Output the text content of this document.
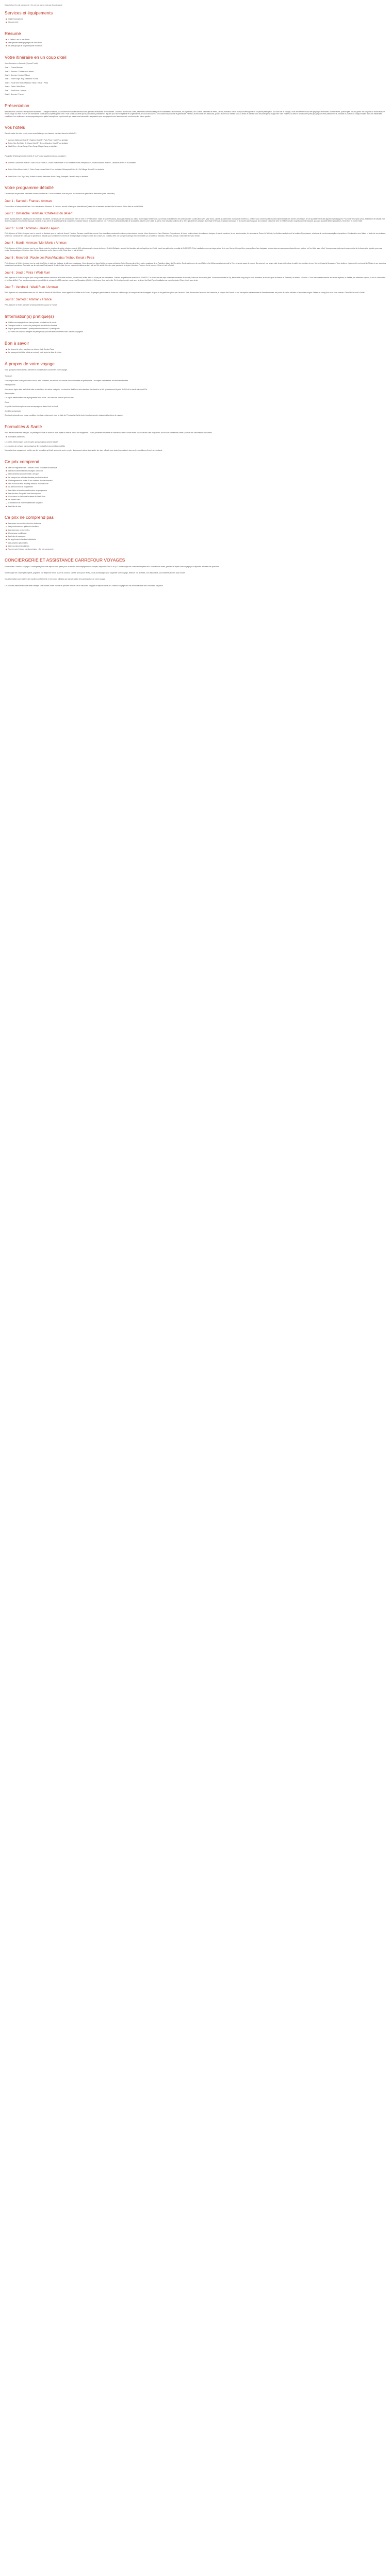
Description Ce prix comprend ; Ce prix ne comprend pas Conciergerie
Services et équipements
Guide francophone
Groupe privé
Résumé
« Flaites » sur la mer Morte
Les spectaculaires paysages de Wadi Rum
Le petit groupe de 10 participants maximum
Votre itinéraire en un coup d'œil

Votre itinéraire en Jordanie (8 jours/7 nuits)

Jour 1 : France/Amman

Jour 2 : Amman / Châteaux du désert

Jour 3 : Amman / Jerash / Ajloun

Jour 4 : route King's Way / Madaba / Kerak

Jour 5 : Route des Rois / Madaba / Nebo / Kerak / Petra

Jour 6 : Petra / Wadi Rum

Jour 7 : Wadi Rum / Amman

Jour 8 : Amman / France

Présentation

Bienvenue en Jordanie, le Royaume hachémite ! Chargée d'Histoire, la Jordanie est l'un des berceaux des grandes civilisations de l'humanité. Carrefour du Proche-Orient, ses terres furent foulées par les Nabatéens, les Romains, les Byzantins, les Croisés. Les sites de Petra, Jerash, Madaba, Kerak ou Ajloun témoignent de ce passé prestigieux. Au cours de ce voyage, vous découvrirez aussi des paysages étonnants : la mer Morte, point le plus bas du globe, les canyons du Wadi Mujib, le désert rouge du Wadi Rum et ses formations rocheuses sculptées par le vent. Vous serez accueillis par la population jordanienne, réputée pour son hospitalité et sa gentillesse, et vous découvrirez une cuisine savoureuse et généreuse. Partez à la rencontre des Bédouins, goûtez au thé à la menthe sous la tente, et laissez-vous envoûter par la magie des nuits étoilées du désert. Un circuit en petit groupe pour vivre pleinement la Jordanie et profiter de chaque instant dans les meilleures conditions. Les visites sont accompagnées par un guide francophone expérimenté qui saura vous transmettre sa passion pour son pays et vous faire découvrir ses trésors les mieux gardés.

Vos hôtels

Dans le cadre de votre circuit, vous serez hébergés en chambre standard dans les hôtels 3* :

Amman: Bellevue Hotel 3*, Hashimi Hotel 3*, Paris Pearl Hotel 3* ou similaire
Petra: Sun Set Hotel 3*, Oscar Hotel 3*, Seven Wonders Hotel 3* ou similaire
Wadi Rum : Arena Camp, Rum Camp, Magic Camp ou similaire

Possibilité d'hébergement en hôtels 4* ou 5* avec supplément (nous consulter) :

Amman: Landmark Hotel 4*, Sulaf Luxury Hotel 4*, Grand Palace Hotel 4* ou similaire / Hotel Kempinski 5*, Rotana Amman Hotel 5*, Landmark Hotel 5* ou similaire
Petra: Petra Moon Hotel 4*, Petra Guest House Hotel 4* ou similaire / Mövenpick Petra 5*, Old Village Resort 5* ou similaire
Wadi Rum: Sun City Camp, Bubble Luxotel, Memories Aicha Camp, Rahayeb Desert Camp ou similaire
Votre programme détaillé

Ce descriptif ne peut être considéré comme contractuel. Circuit réalisable tous les jours de l'année hors période de Ramadan (nous consulter).

Jour 1 : Samedi : France / Amman

Convocation à l'aéroport de Paris. Vol à destination d'Amman. À l'arrivée, accueil à l'aéroport international Queen Alia et transfert à votre hôtel à Amman. Dîner libre et nuit à l'hôtel.

Jour 2 : Dimanche : Amman / Châteaux du désert

Après le petit-déjeuner, départ pour les châteaux du désert, construits par les Omeyyades entre le VIIe et le VIIIe siècle. Visite de Qasr Kharana, imposant château au milieu d'une steppe désertique, qui servait probablement de caravansérail. Continuation vers Qasr Amra, classé au patrimoine mondial de l'UNESCO, célèbre pour ses fresques murales représentant des scènes de chasse, de vie quotidienne et des figures mythologiques. Poursuite vers Qasr Azraq, forteresse de basalte noir dont les origines remontent à l'époque romaine, et qui servit de quartier général à Lawrence d'Arabie lors de la révolte arabe de 1917. Retour à Amman et visite de la citadelle, située sur le Jebel al-Qal'a, l'une des sept collines de la ville, qui abrite les vestiges du temple d'Hercule, le palais omeyyade et le musée archéologique de Jordanie. Descente vers le théâtre romain, magnifiquement restauré, pouvant accueillir 6000 spectateurs. Dîner libre et nuit à l'hôtel.

Jour 3 : Lundi : Amman / Jerash / Ajloun

Petit-déjeuner à l'hôtel et départ vers le nord de la Jordanie pour la visite de Jerash, l'antique Gerasa, considérée comme l'une des villes romaines les mieux préservées au monde. Vous découvrirez l'arc d'Hadrien, l'hippodrome, le forum ovale entouré de colonnes ioniques, le cardo maximus, la rue à colonnades, les temples de Zeus et d'Artémis, les théâtres sud et nord, la fontaine Nymphaeum, ainsi que de nombreuses églises byzantines. Continuation vers Ajloun et visite de son château, forteresse construite en 1184 par un général de Saladin pour contrôler les mines de fer et protéger la région contre les Croisés. Le château offre une vue panoramique exceptionnelle sur la vallée du Jourdain. Retour à Amman. Dîner libre et nuit à l'hôtel.

Jour 4 : Mardi : Amman / Mer Morte / Amman

Petit-déjeuner à l'hôtel et départ vers la mer Morte, point le plus bas du globe, située à plus de 400 mètres sous le niveau de la mer. Arrêt à Béthanie, au-delà du Jourdain, site du baptême du Christ, inscrit au patrimoine mondial de l'UNESCO. Puis, installation sur une plage privée de la mer Morte et temps libre pour profiter d'une baignade unique dans ces eaux exceptionnellement salées, où l'on flotte sans effort. Vous pourrez également vous enduire de la boue noire réputée pour ses vertus thérapeutiques. Déjeuner libre. Retour à Amman en fin d'après-midi. Dîner libre et nuit à l'hôtel.

Jour 5 : Mercredi : Route des Rois/Madaba / Nebo / Kerak / Petra

Petit-déjeuner à l'hôtel et départ vers la route des Rois, et visite de Madaba, la ville des mosaïques. Vous découvrirez dans l'église grecque-orthodoxe Saint-Georges la célèbre carte mosaïque de la Palestine datant du VIe siècle. Continuation vers le mont Nebo, d'où Moïse aurait contemplé la Terre promise avant de mourir. Du sommet, par temps clair, la vue s'étend sur la vallée du Jourdain, la mer Morte et jusqu'à Jérusalem. Vous visiterez également le mémorial de Moïse et ses superbes mosaïques byzantines. Poursuite par la route des Rois jusqu'à Kerak et visite de son imposant château croisé, bâti au XIIe siècle, l'un des plus grands de la région. Arrivée à Petra en fin de journée. Dîner et nuit à l'hôtel.

Jour 6 : Jeudi : Petra / Wadi Rum

Petit-déjeuner à l'hôtel et départ pour une journée entière consacrée à la visite de Petra, la cité rose, taillée dans la roche par les Nabatéens. Classée au patrimoine mondial de l'UNESCO et élue l'une des sept nouvelles merveilles du monde, Petra se découvre à pied. Vous emprunterez le Siq, étroit défilé long de plus d'un kilomètre, au bout duquel se dresse le Khazneh, le fameux « Trésor ». Vous découvrirez ensuite la rue des façades, le théâtre, les tombeaux royaux, la rue à colonnades et le Qasr al-Bint. Pour les plus courageux, possibilité de grimper les 800 marches menant au Monastère (Ad-Deir). Déjeuner libre sur le site. En fin d'après-midi, route vers le désert du Wadi Rum. Installation au camp bédouin. Dîner et nuit sous tente.

Jour 7 : Vendredi : Wadi Rum / Amman

Petit-déjeuner au camp et excursion en 4x4 dans le désert du Wadi Rum, aussi appelé la « Vallée de la Lune ». Paysages grandioses de dunes de sable rouge, de canyons et de montagnes de grès et de granit sculptées par l'érosion. Vous découvrirez la source de Lawrence, le canyon de Khazali et ses inscriptions nabatéennes et thamoudéennes, les ponts de roche naturels et les dunes rouges. Retour au camp puis route vers Amman. Dîner libre et nuit à l'hôtel.

Jour 8 : Samedi : Amman / France

Petit-déjeuner à l'hôtel, transfert à l'aéroport et envol pour la France.

Information(s) pratique(s)
Guides accompagnateurs francophones pendant tout le circuit
Transport selon le nombre de participants en véhicule climatisé
Départ garanti minimum 2 participants et maximum 10 participants
Ce circuit se compose d'étapes en petit groupe pouvant être combinées avec d'autres voyageurs
Bon à savoir
Le visa est à retirer sur place ou obtenu via le Jordan Pass
Le passeport doit être valide au moins 6 mois après la date de retour
À propos de votre voyage

Voici quelques informations à prendre en considération concernant votre voyage.

Transport

Un transport sera fourni pendant le circuit, avec chauffeur, en minibus ou autocar selon le nombre de participants. Les trajets sont réalisés en véhicule climatisé.

Hébergement

Vous serez logés dans les hôtels cités ou similaires de même catégorie, en chambre double ou twin standard. Le check-in se fait généralement à partir de 14h et le check-out avant 12h.

Restauration

Les repas mentionnés dans le programme sont inclus. Les boissons ne sont pas incluses.

Guide

Un guide local francophone vous accompagnera durant tout le circuit.

Conditions physiques

Ce circuit nécessite une bonne condition physique, notamment pour la visite de Petra qui se fait à pied et peut comporter plusieurs kilomètres de marche.

Formalités & Santé

Pour les ressortissants français, un passeport valide au moins 6 mois après la date de retour est obligatoire. Le visa jordanien est obtenu à l'arrivée ou via le Jordan Pass. Aucun vaccin n'est obligatoire. Nous vous conseillons d'être à jour de vos vaccinations courantes.

Formalités Aériennes

Les billets électroniques sont envoyés quelques jours avant le départ

Les horaires de vol sont communiqués à titre indicatif et peuvent être modifiés

Il appartient au voyageur de vérifier que les formalités qu'il doit accomplir sont en règle. Nous vous invitons à consulter les sites officiels pour toute information à jour sur les conditions d'entrée en Jordanie.

Ce prix comprend
Les vols réguliers Paris / Amman / Paris en classe économique
Les taxes aériennes et surcharges carburant
Les transferts aéroport / hôtel / aéroport
Le transport en véhicule climatisé pendant le circuit
L'hébergement en hôtels 3* en chambre double standard
Une nuit sous tente au camp bédouin du Wadi Rum
La pension selon le programme
Les visites et entrées mentionnées au programme
Les services d'un guide local francophone
L'excursion en 4x4 dans le désert du Wadi Rum
Le Jordan Pass
L'assistance de notre représentant sur place
Les frais de visa
Ce prix ne comprend pas
Les repas non mentionnés et les boissons
Les pourboires aux guides et chauffeurs
Les dépenses personnelles
L'assurance multirisque
Les frais de passeport
Le supplément chambre individuelle
Les activités optionnelles
Les excursions facultatives
Tout ce qui n'est pas mentionné dans « Ce prix comprend »
CONCIERGERIE ET ASSISTANCE CARREFOUR VOYAGES

En réservant Carrefour Voyages Conciergerie pour votre séjour, vous optez pour un service d'accompagnement complet, disponible 24h/24 et 7j/7. Notre équipe de conseillers experts est à votre écoute avant, pendant et après votre voyage pour répondre à toutes vos questions.

Notre équipe de concierges experts, joignable par téléphone de 8h à 22h du lundi au samedi (hors jours fériés), vous accompagne pour organiser votre voyage, réserver vos activités, vos restaurants, vos transferts et bien plus encore.

Vos informations sont traitées de manière confidentielle et ne seront utilisées que dans le cadre de la préparation de votre voyage.

Les conseils mentionnés dans cette rubrique sont donnés à titre indicatif et peuvent évoluer. Ils ne sauraient engager la responsabilité de Carrefour Voyages en cas de modification des conditions sur place.
